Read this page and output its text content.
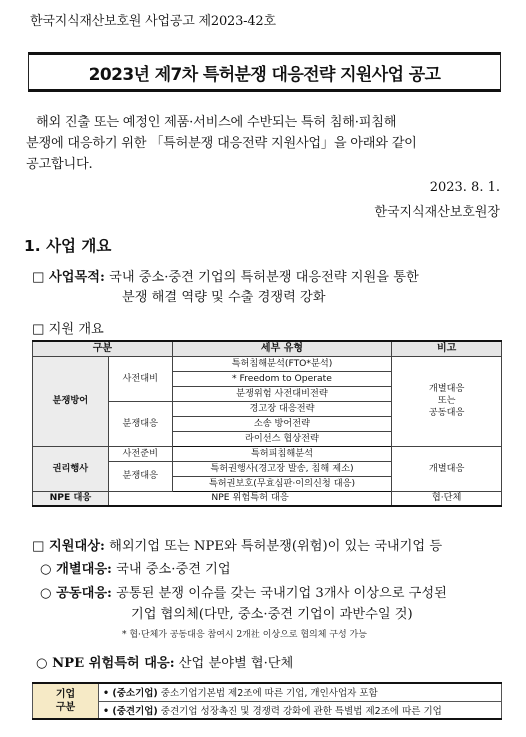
한국지식재산보호원 사업공고 제2023-42호
2023년 제7차 특허분쟁 대응전략 지원사업 공고
해외 진출 또는 예정인 제품·서비스에 수반되는 특허 침해·피침해
분쟁에 대응하기 위한 「특허분쟁 대응전략 지원사업」을 아래와 같이
공고합니다.
2023. 8. 1.
한국지식재산보호원장
1. 사업 개요
□ 사업목적: 국내 중소·중견 기업의 특허분쟁 대응전략 지원을 통한
분쟁 해결 역량 및 수출 경쟁력 강화
□ 지원 개요
구분		세부 유형	비고
분쟁방어	사전대비	특허침해분석(FTO*분석)	개별대응
또는
공동대응

		* Freedom to Operate	
		분쟁위험 사전대비전략	
	분쟁대응	경고장 대응전략	
		소송 방어전략	
		라이선스 협상전략	
권리행사	사전준비	특허피침해분석	개별대응
	분쟁대응	특허권행사(경고장 발송, 침해 제소)	
		특허권보호(무효심판·이의신청 대응)	
NPE 대응	NPE 위험특허 대응		협·단체
□ 지원대상: 해외기업 또는 NPE와 특허분쟁(위험)이 있는 국내기업 등
○ 개별대응: 국내 중소·중견 기업
○ 공동대응: 공통된 분쟁 이슈를 갖는 국내기업 3개사 이상으로 구성된
기업 협의체(다만, 중소·중견 기업이 과반수일 것)
* 협·단체가 공동대응 참여시 2개社 이상으로 협의체 구성 가능
○ NPE 위험특허 대응: 산업 분야별 협·단체
기업
구분
	• (중소기업) 중소기업기본법 제2조에 따른 기업, 개인사업자 포함
• (중견기업) 중견기업 성장촉진 및 경쟁력 강화에 관한 특별법 제2조에 따른 기업
